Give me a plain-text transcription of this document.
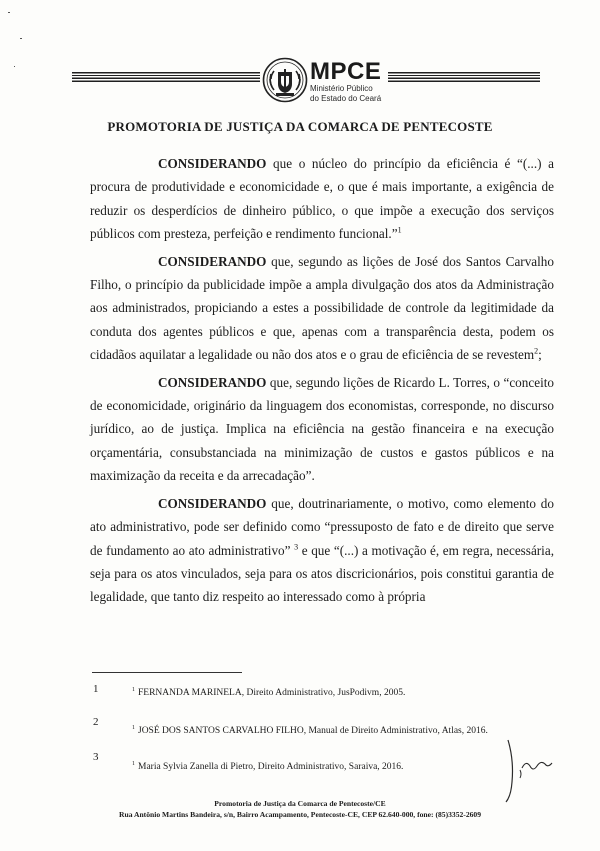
MPCE
Ministério Público
do Estado do Ceará
PROMOTORIA DE JUSTIÇA DA COMARCA DE PENTECOSTE

CONSIDERANDO que o núcleo do princípio da eficiência é “(...) a procura de produtividade e economicidade e, o que é mais importante, a exigência de reduzir os desperdícios de dinheiro público, o que impõe a execução dos serviços públicos com presteza, perfeição e rendimento funcional.”$^1$

CONSIDERANDO que, segundo as lições de José dos Santos Carvalho Filho, o princípio da publicidade impõe a ampla divulgação dos atos da Administração aos administrados, propiciando a estes a possibilidade de controle da legitimidade da conduta dos agentes públicos e que, apenas com a transparência desta, podem os cidadãos aquilatar a legalidade ou não dos atos e o grau de eficiência de se revestem$^2$;

CONSIDERANDO que, segundo lições de Ricardo L. Torres, o “conceito de economicidade, originário da linguagem dos economistas, corresponde, no discurso jurídico, ao de justiça. Implica na eficiência na gestão financeira e na execução orçamentária, consubstanciada na minimização de custos e gastos públicos e na maximização da receita e da arrecadação”.

CONSIDERANDO que, doutrinariamente, o motivo, como elemento do ato administrativo, pode ser definido como “pressuposto de fato e de direito que serve de fundamento ao ato administrativo” $^3$ e que “(...) a motivação é, em regra, necessária, seja para os atos vinculados, seja para os atos discricionários, pois constitui garantia de legalidade, que tanto diz respeito ao interessado como à própria

1	$^1$ FERNANDA MARINELA, Direito Administrativo, JusPodivm, 2005.
2	$^1$ JOSÉ DOS SANTOS CARVALHO FILHO, Manual de Direito Administrativo, Atlas, 2016.
3
$^1$ Maria Sylvia Zanella di Pietro, Direito Administrativo, Saraiva, 2016.
Promotoria de Justiça da Comarca de Pentecoste/CE
Rua Antônio Martins Bandeira, s/n, Bairro Acampamento, Pentecoste-CE, CEP 62.640-000, fone: (85)3352-2609
